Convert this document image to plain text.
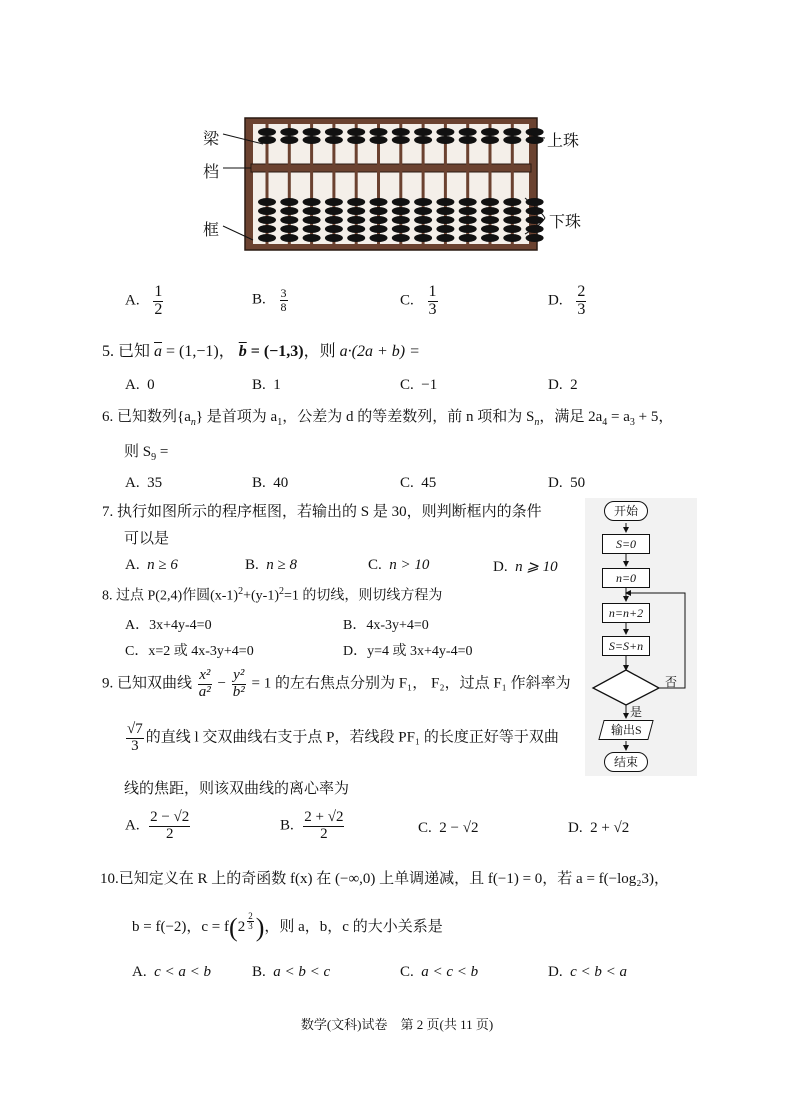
梁
档
框
上珠
下珠
A. $\frac{1}{2}$	B. $\frac{3}{8}$	C. $\frac{1}{3}$	D. $\frac{2}{3}$
5. 已知 $\overline{a} = (1,-1)$， $\overline{b} = (-1,3)$，则 a·(2a + b) =
A. 0	B. 1	C. −1	D. 2
6. 已知数列$\{a_n\}$ 是首项为 $a_1$，公差为 d 的等差数列，前 n 项和为 $S_n$，满足 $2a_4 = a_3 + 5$，
则 $S_9$ =
A. 35	B. 40	C. 45	D. 50
7. 执行如图所示的程序框图，若输出的 S 是 30，则判断框内的条件
可以是
A. n ≥ 6	B. n ≥ 8	C. n > 10	D. n ⩾ 10
开始
S=0
n=0
n=n+2
S=S+n
否
是
输出S
结束
8. 过点 P(2,4)作圆$(x-1)^2+(y-1)^2=1$ 的切线，则切线方程为
A．3x+4y-4=0	B．4x-3y+4=0
C．x=2 或 4x-3y+4=0	D．y=4 或 3x+4y-4=0
9. 已知双曲线 $\frac{\text{x²}}{\text{a²}} - \frac{\text{y²}}{\text{b²}} = 1$ 的左右焦点分别为 F₁， F₂，过点 F₁ 作斜率为
$\frac{√7}{3}$ 的直线 l 交双曲线右支于点 P，若线段 PF₁ 的长度正好等于双曲
线的焦距，则该双曲线的离心率为
A. $\frac{2 - √2}{2}$	B. $\frac{2 + √2}{2}$	C. 2 − √2	D. 2 + √2
10.已知定义在 R 上的奇函数 f(x) 在 (−∞,0) 上单调递减，且 f(−1) = 0，若 a = f(−log₂3)，
b = f(−2)，$c = f(2 \frac{2}{3}$ )，则 a，b，c 的大小关系是
A. c < a < b	B. a < b < c	C. a < c < b	D. c < b < a
数学(文科)试卷　第 2 页(共 11 页)
